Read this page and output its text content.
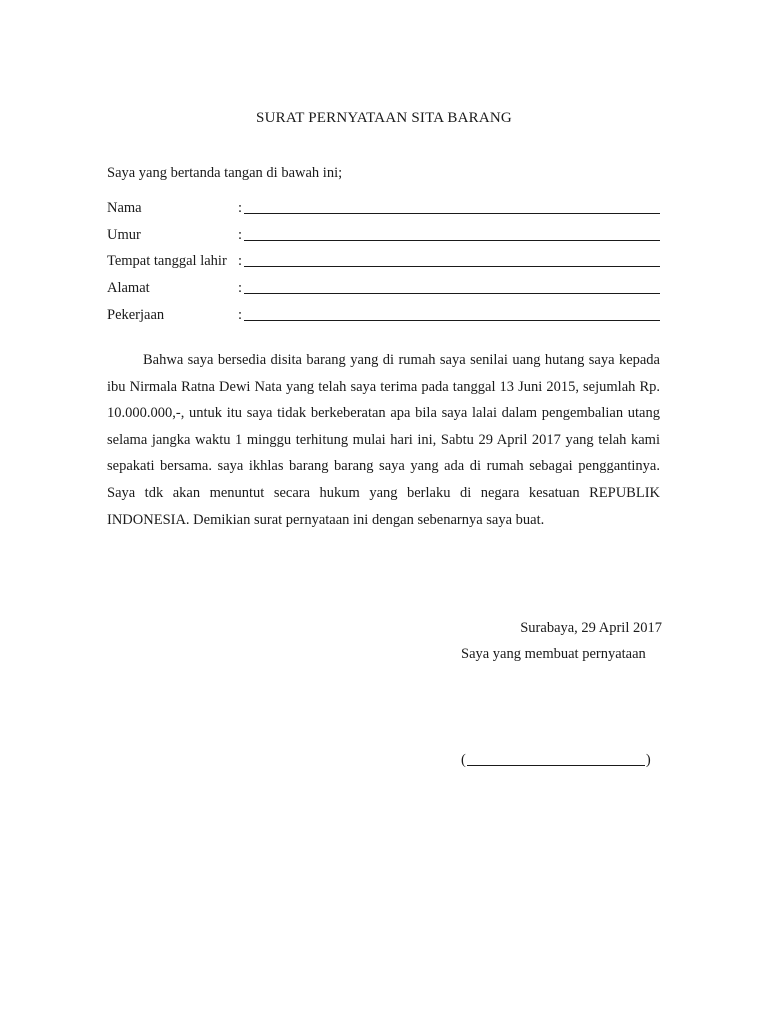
SURAT PERNYATAAN SITA BARANG
Saya yang bertanda tangan di bawah ini;
Nama	:
Umur	:
Tempat tanggal lahir :
Alamat	:
Pekerjaan	:
Bahwa saya bersedia disita barang yang di rumah saya senilai uang hutang saya kepada ibu Nirmala Ratna Dewi Nata yang telah saya terima pada tanggal 13 Juni 2015, sejumlah Rp. 10.000.000,-, untuk itu saya tidak berkeberatan apa bila saya lalai dalam pengembalian utang selama jangka waktu 1 minggu terhitung mulai hari ini, Sabtu 29 April 2017 yang telah kami sepakati bersama. saya ikhlas barang barang saya yang ada di rumah sebagai penggantinya. Saya tdk akan menuntut secara hukum yang berlaku di negara kesatuan REPUBLIK INDONESIA. Demikian surat pernyataan ini dengan sebenarnya saya buat.
Surabaya, 29 April 2017
Saya yang membuat pernyataan
(	)
